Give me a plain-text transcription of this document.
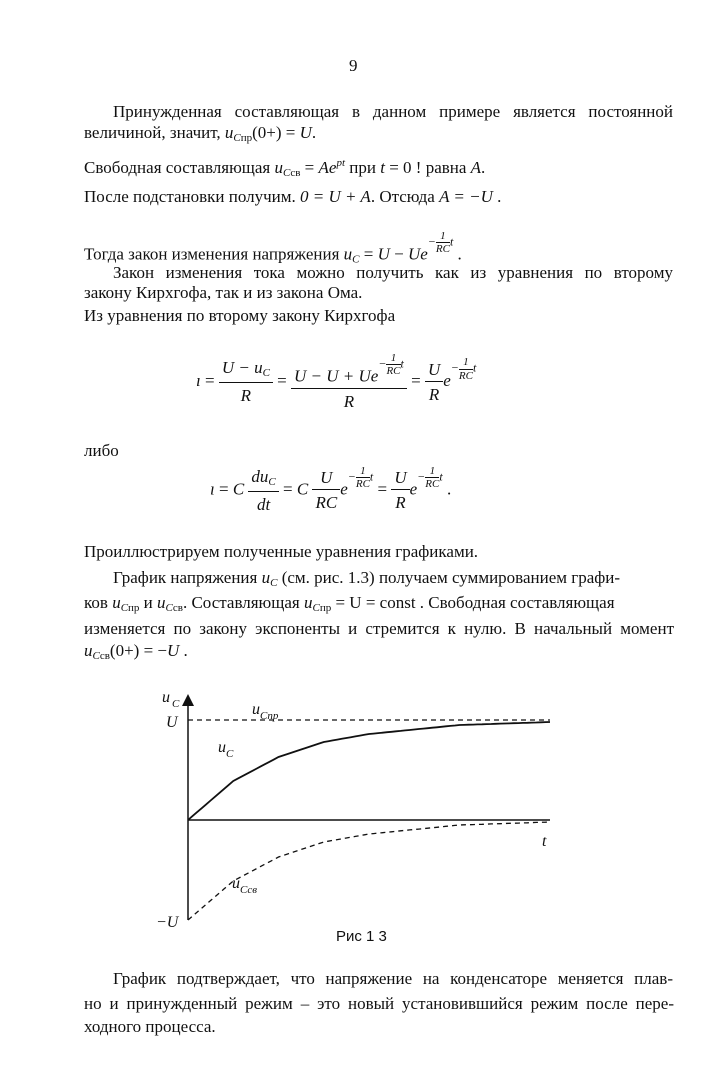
9
Принужденная составляющая в данном примере является постоянной
величиной, значит, $u_{Cпр}(0+) = U$.
Свободная составляющая $u_{Cсв} = Ae^{pt}$ при t = 0 ! равна A.
После подстановки получим. 0 = U + A. Отсюда A = −U .
Тогда закон изменения напряжения $u_C = U - Ue- \frac{1}{RC}$ t .
Закон изменения тока можно получить как из уравнения по второму
закону Кирхгофа, так и из закона Ома.
Из уравнения по второму закону Кирхгофа
ı = $\frac{U - u_C}{R} = \frac{U - U + Ue- \frac{1}{RC} t}{R} = \frac{U}{R} e- \frac{1}{RC}$ t
либо
ı = C $\frac{du_C}{dt} = C \frac{U}{RC} e- \frac{1}{RC}$ $t = \frac{U}{R} e- \frac{1}{RC}$ t .
Проиллюстрируем полученные уравнения графиками.
График напряжения $u_C$ (см. рис. 1.3) получаем суммированием графи-
ков $u_{Cпр}$ и $u_{Cсв}$. Составляющая $u_{Cпр} = U$ = const . Свободная составляющая
изменяется по закону экспоненты и стремится к нулю. В начальный момент
$u_{Cсв}(0+) = -U$ .
u C
U
−U
t
$u_{Cпр}$
$u_C$
$u_{Cсв}$
Рис 1 3
График подтверждает, что напряжение на конденсаторе меняется плав-
но и принужденный режим – это новый установившийся режим после пере-
ходного процесса.
